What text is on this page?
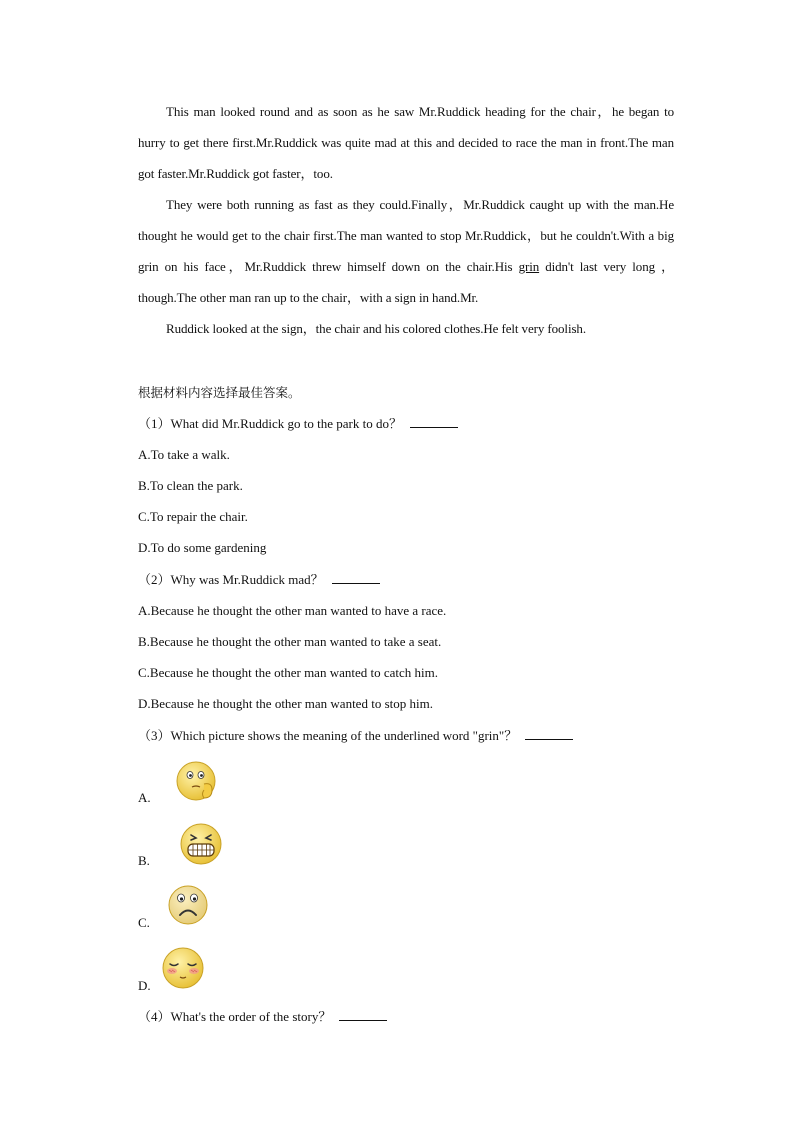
This man looked round and as soon as he saw Mr.Ruddick heading for the chair，he began to hurry to get there first.Mr.Ruddick was quite mad at this and decided to race the man in front.The man got faster.Mr.Ruddick got faster，too.

They were both running as fast as they could.Finally，Mr.Ruddick caught up with the man.He thought he would get to the chair first.The man wanted to stop Mr.Ruddick，but he couldn't.With a big grin on his face，Mr.Ruddick threw himself down on the chair.His grin didn't last very long ，though.The other man ran up to the chair，with a sign in hand.Mr.

Ruddick looked at the sign，the chair and his colored clothes.He felt very foolish.

根据材料内容选择最佳答案。
（1）What did Mr.Ruddick go to the park to do？
A.To take a walk.
B.To clean the park.
C.To repair the chair.
D.To do some gardening
（2）Why was Mr.Ruddick mad？
A.Because he thought the other man wanted to have a race.
B.Because he thought the other man wanted to take a seat.
C.Because he thought the other man wanted to catch him.
D.Because he thought the other man wanted to stop him.
（3）Which picture shows the meaning of the underlined word "grin"？
A.
B.
C.
D.
（4）What's the order of the story？
